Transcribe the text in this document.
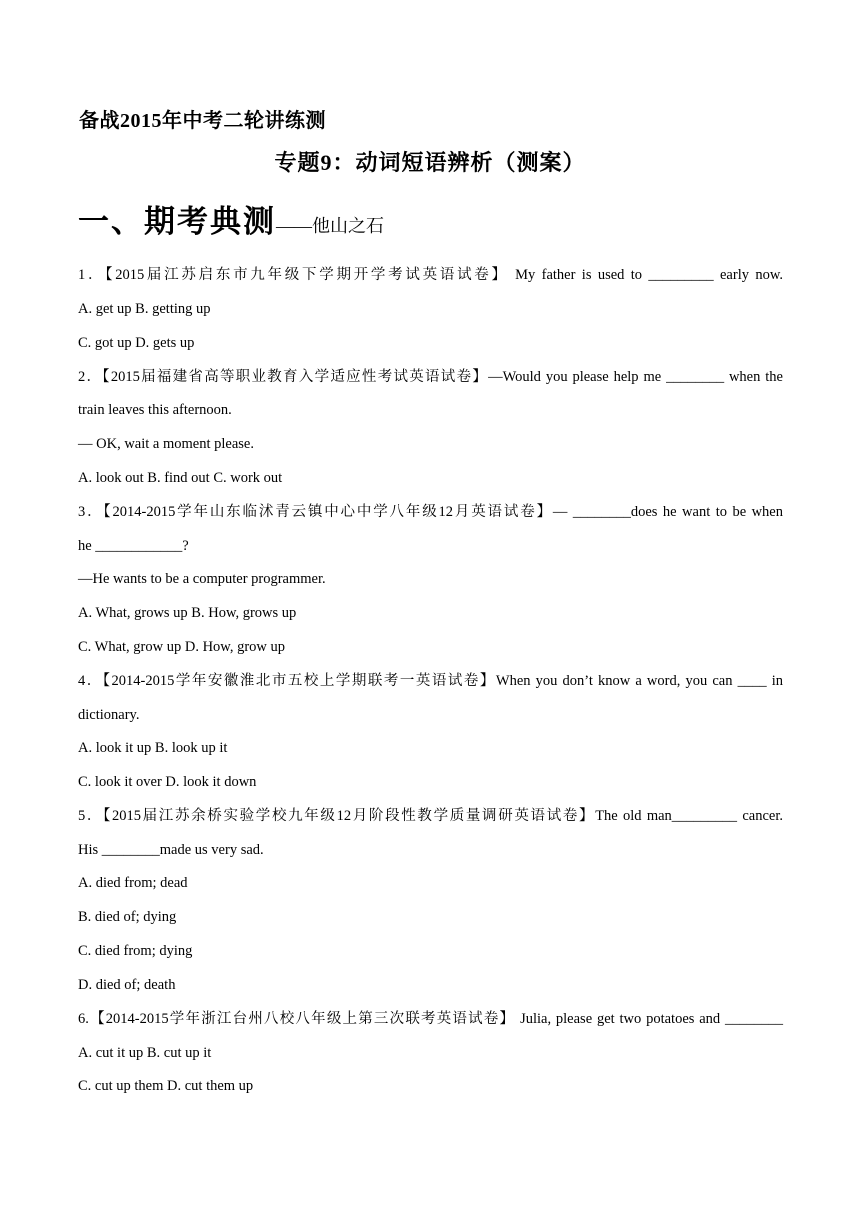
备战2015年中考二轮讲练测
专题9：动词短语辨析（测案）
一、期考典测——他山之石
1．【2015届江苏启东市九年级下学期开学考试英语试卷】 My father is used to _________ early now.
A. get up B. getting up
C. got up D. gets up
2．【2015届福建省高等职业教育入学适应性考试英语试卷】—Would you please help me ________ when the
train leaves this afternoon.
— OK, wait a moment please.
A. look out B. find out C. work out
3．【2014-2015学年山东临沭青云镇中心中学八年级12月英语试卷】— ________does he want to be when
he ____________?
—He wants to be a computer programmer.
A. What, grows up B. How, grows up
C. What, grow up D. How, grow up
4．【2014-2015学年安徽淮北市五校上学期联考一英语试卷】When you don’t know a word, you can ____ in
dictionary.
A. look it up B. look up it
C. look it over D. look it down
5．【2015届江苏余桥实验学校九年级12月阶段性教学质量调研英语试卷】The old man_________ cancer.
His ________made us very sad.
A. died from; dead
B. died of; dying
C. died from; dying
D. died of; death
6.【2014-2015学年浙江台州八校八年级上第三次联考英语试卷】 Julia, please get two potatoes and ________
A. cut it up B. cut up it
C. cut up them D. cut them up
